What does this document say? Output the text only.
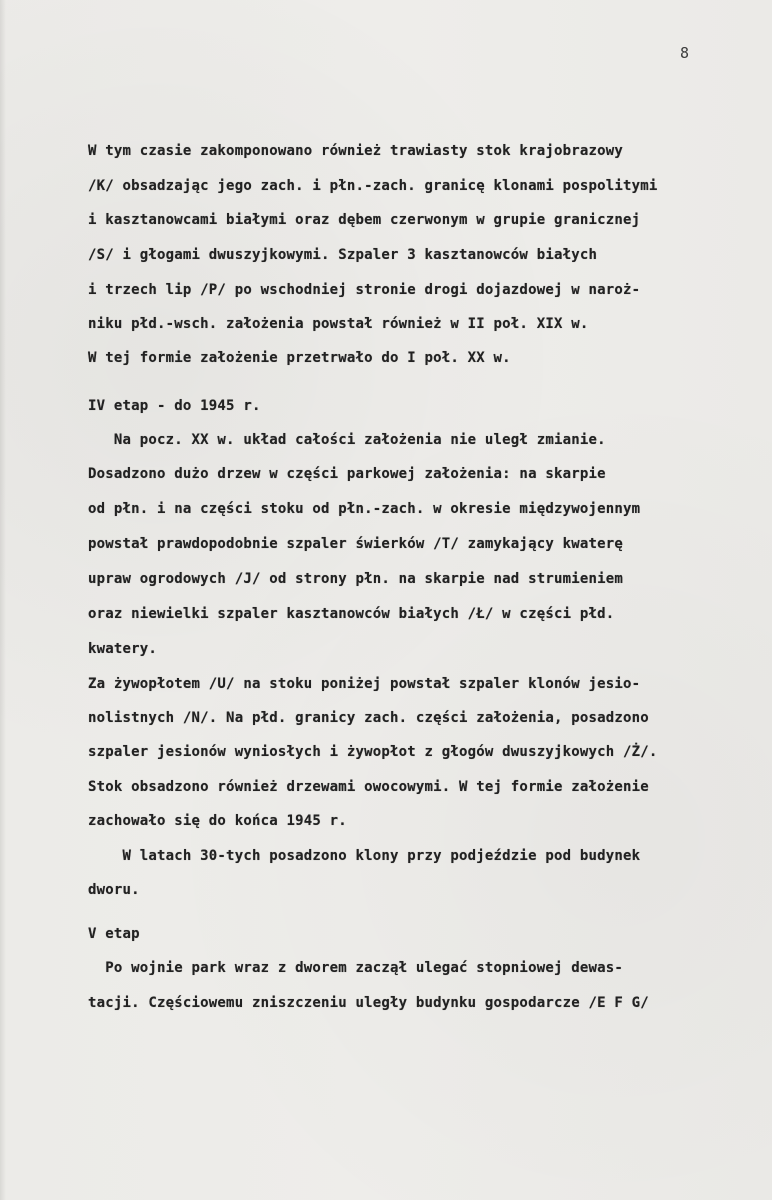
8
W tym czasie zakomponowano również trawiasty stok krajobrazowy
/K/ obsadzając jego zach. i płn.-zach. granicę klonami pospolitymi
i kasztanowcami białymi oraz dębem czerwonym w grupie granicznej
/S/ i głogami dwuszyjkowymi. Szpaler 3 kasztanowców białych
i trzech lip /P/ po wschodniej stronie drogi dojazdowej w naroż-
niku płd.-wsch. założenia powstał również w II poł. XIX w.
W tej formie założenie przetrwało do I poł. XX w.
IV etap - do 1945 r.
Na pocz. XX w. układ całości założenia nie uległ zmianie.
Dosadzono dużo drzew w części parkowej założenia: na skarpie
od płn. i na części stoku od płn.-zach. w okresie międzywojennym
powstał prawdopodobnie szpaler świerków /T/ zamykający kwaterę
upraw ogrodowych /J/ od strony płn. na skarpie nad strumieniem
oraz niewielki szpaler kasztanowców białych /Ł/ w części płd.
kwatery.
Za żywopłotem /U/ na stoku poniżej powstał szpaler klonów jesio-
nolistnych /N/. Na płd. granicy zach. części założenia, posadzono
szpaler jesionów wyniosłych i żywopłot z głogów dwuszyjkowych /Ż/.
Stok obsadzono również drzewami owocowymi. W tej formie założenie
zachowało się do końca 1945 r.
W latach 30-tych posadzono klony przy podjeździe pod budynek
dworu.
V etap
Po wojnie park wraz z dworem zaczął ulegać stopniowej dewas-
tacji. Częściowemu zniszczeniu uległy budynku gospodarcze /E F G/
